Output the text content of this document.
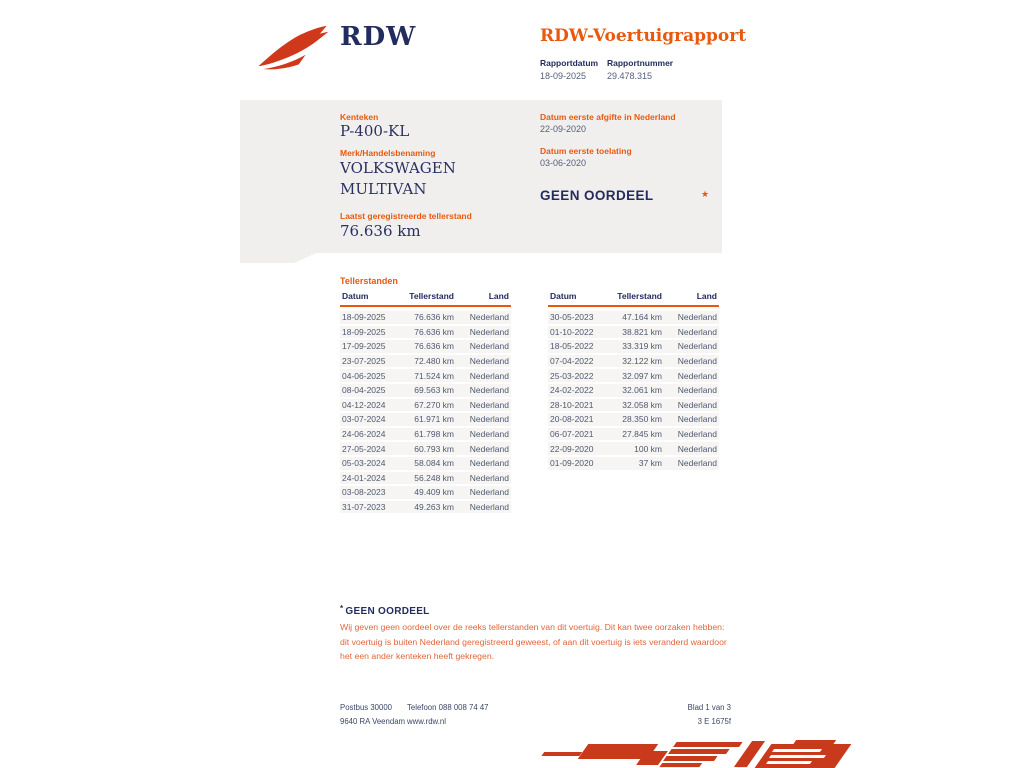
RDW	RDW-Voertuigrapport
Rapportdatum
18-09-2025
Rapportnummer
29.478.315
Kenteken
P-400-KL
Merk/Handelsbenaming
VOLKSWAGEN
MULTIVAN
Laatst geregistreerde tellerstand
76.636 km
Datum eerste afgifte in Nederland
22-09-2020
Datum eerste toelating
03-06-2020
GEEN OORDEEL	★
Tellerstanden
Datum	Tellerstand	Land
18-09-2025	76.636 km	Nederland
18-09-2025	76.636 km	Nederland
17-09-2025	76.636 km	Nederland
23-07-2025	72.480 km	Nederland
04-06-2025	71.524 km	Nederland
08-04-2025	69.563 km	Nederland
04-12-2024	67.270 km	Nederland
03-07-2024	61.971 km	Nederland
24-06-2024	61.798 km	Nederland
27-05-2024	60.793 km	Nederland
05-03-2024	58.084 km	Nederland
24-01-2024	56.248 km	Nederland
03-08-2023	49.409 km	Nederland
31-07-2023	49.263 km	Nederland
Datum	Tellerstand	Land
30-05-2023	47.164 km	Nederland
01-10-2022	38.821 km	Nederland
18-05-2022	33.319 km	Nederland
07-04-2022	32.122 km	Nederland
25-03-2022	32.097 km	Nederland
24-02-2022	32.061 km	Nederland
28-10-2021	32.058 km	Nederland
20-08-2021	28.350 km	Nederland
06-07-2021	27.845 km	Nederland
22-09-2020	100 km	Nederland
01-09-2020	37 km	Nederland
* GEEN OORDEEL
Wij geven geen oordeel over de reeks tellerstanden van dit voertuig. Dit kan twee oorzaken hebben: dit voertuig is buiten Nederland geregistreerd geweest, of aan dit voertuig is iets veranderd waardoor het een ander kenteken heeft gekregen.
Postbus 30000
9640 RA Veendam
Telefoon 088 008 74 47
www.rdw.nl
Blad 1 van 3
3 E 1675f
